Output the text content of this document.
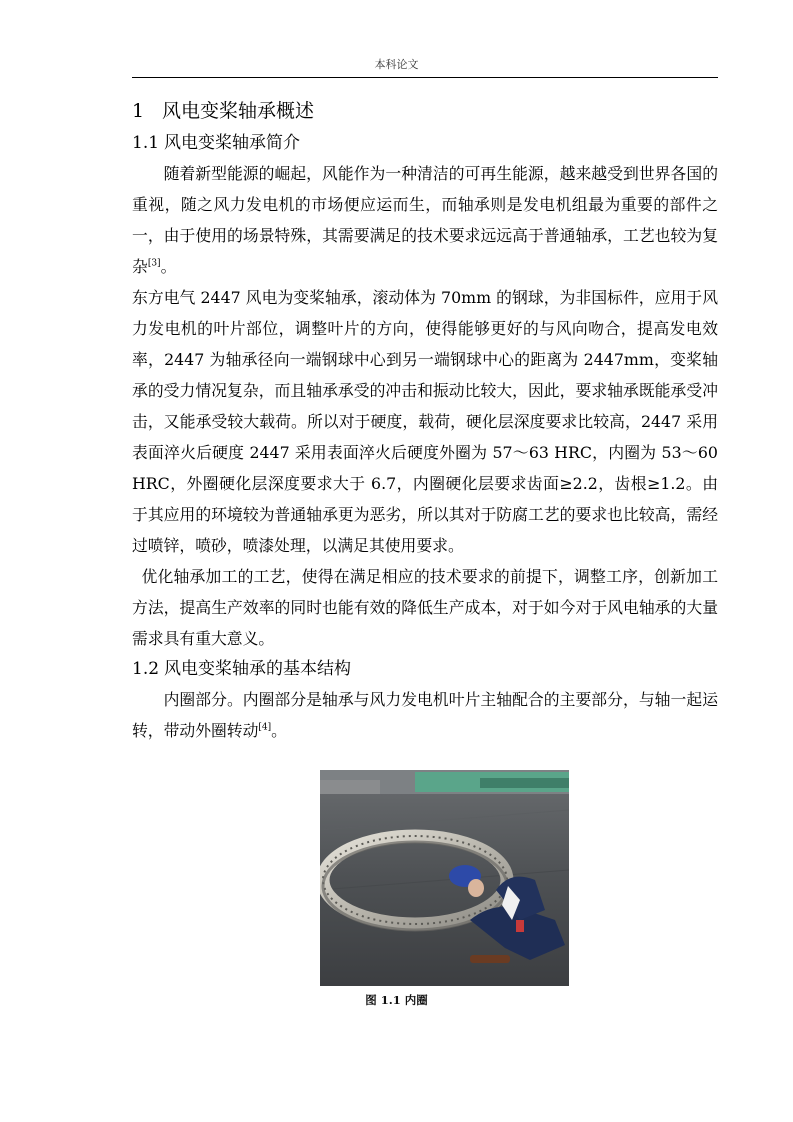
本科论文
1 风电变桨轴承概述
1.1 风电变桨轴承简介

随着新型能源的崛起，风能作为一种清洁的可再生能源，越来越受到世界各国的重视，随之风力发电机的市场便应运而生，而轴承则是发电机组最为重要的部件之一，由于使用的场景特殊，其需要满足的技术要求远远高于普通轴承，工艺也较为复杂[3]。

东方电气 2447 风电为变桨轴承，滚动体为 70mm 的钢球，为非国标件，应用于风力发电机的叶片部位，调整叶片的方向，使得能够更好的与风向吻合，提高发电效率，2447 为轴承径向一端钢球中心到另一端钢球中心的距离为 2447mm，变桨轴承的受力情况复杂，而且轴承承受的冲击和振动比较大，因此，要求轴承既能承受冲击，又能承受较大载荷。所以对于硬度，载荷，硬化层深度要求比较高，2447 采用表面淬火后硬度 2447 采用表面淬火后硬度外圈为 57～63 HRC，内圈为 53～60 HRC，外圈硬化层深度要求大于 6.7，内圈硬化层要求齿面≥2.2，齿根≥1.2。由于其应用的环境较为普通轴承更为恶劣，所以其对于防腐工艺的要求也比较高，需经过喷锌，喷砂，喷漆处理，以满足其使用要求。

优化轴承加工的工艺，使得在满足相应的技术要求的前提下，调整工序，创新加工方法，提高生产效率的同时也能有效的降低生产成本，对于如今对于风电轴承的大量需求具有重大意义。

1.2 风电变桨轴承的基本结构

内圈部分。内圈部分是轴承与风力发电机叶片主轴配合的主要部分，与轴一起运转，带动外圈转动[4]。

图 1.1 内圈
